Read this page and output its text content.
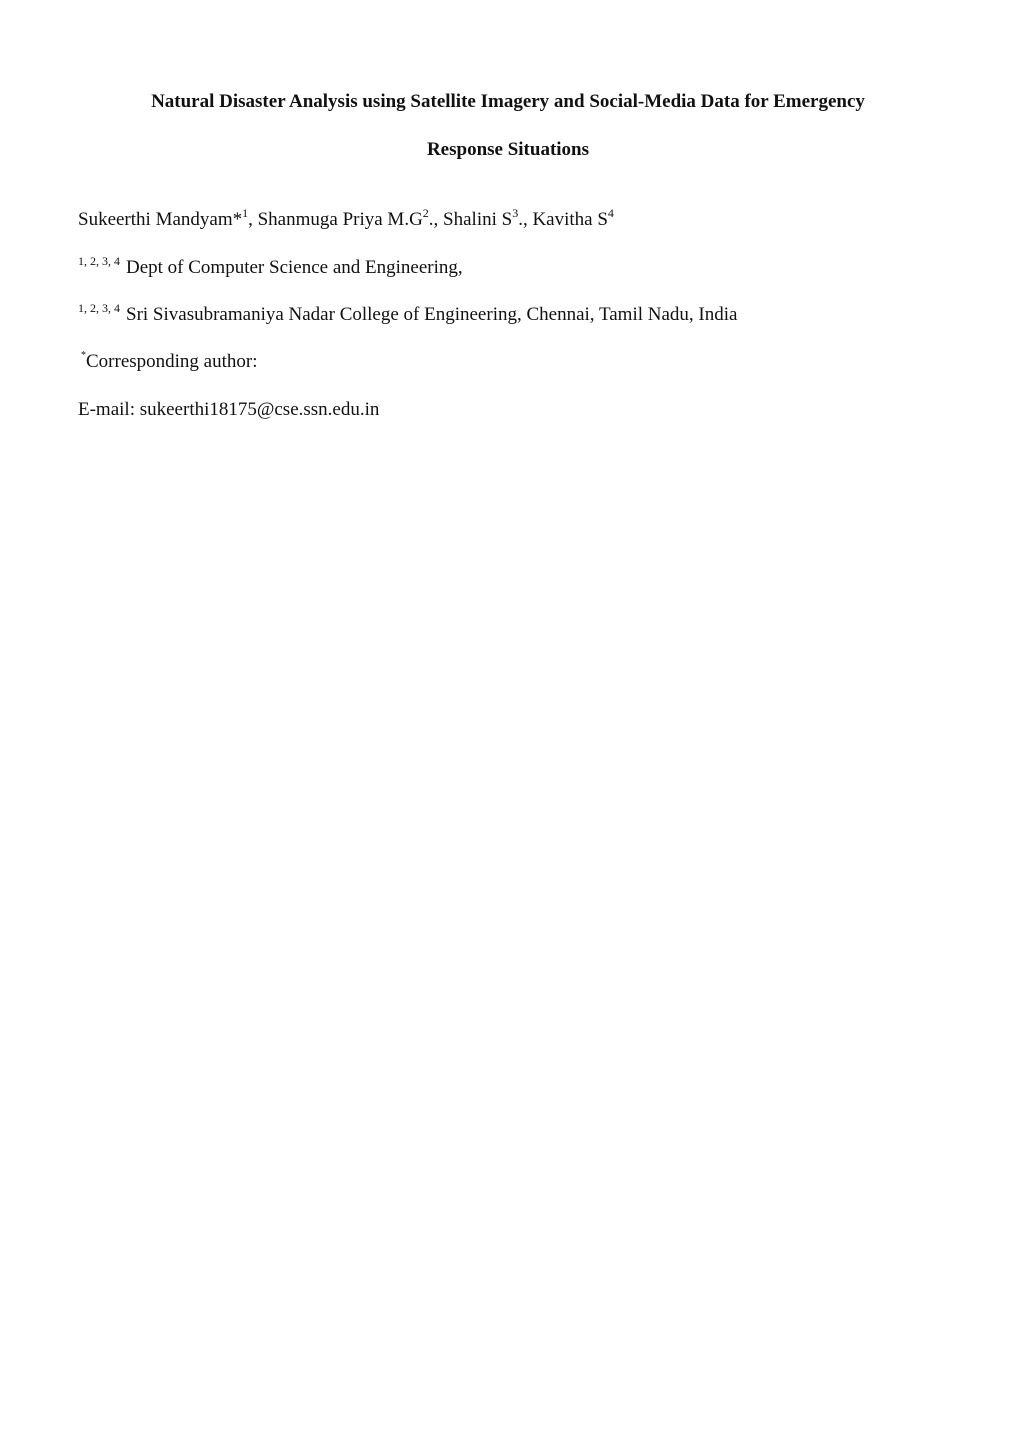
Natural Disaster Analysis using Satellite Imagery and Social-Media Data for Emergency
Response Situations

Sukeerthi Mandyam*$^1$, Shanmuga Priya $M.G^2$., Shalini $S^3$., Kavitha $S^4$

$^{1, 2, 3, 4}$ Dept of Computer Science and Engineering,

$^{1, 2, 3, 4}$ Sri Sivasubramaniya Nadar College of Engineering, Chennai, Tamil Nadu, India

*Corresponding author:

E-mail: sukeerthi18175@cse.ssn.edu.in
